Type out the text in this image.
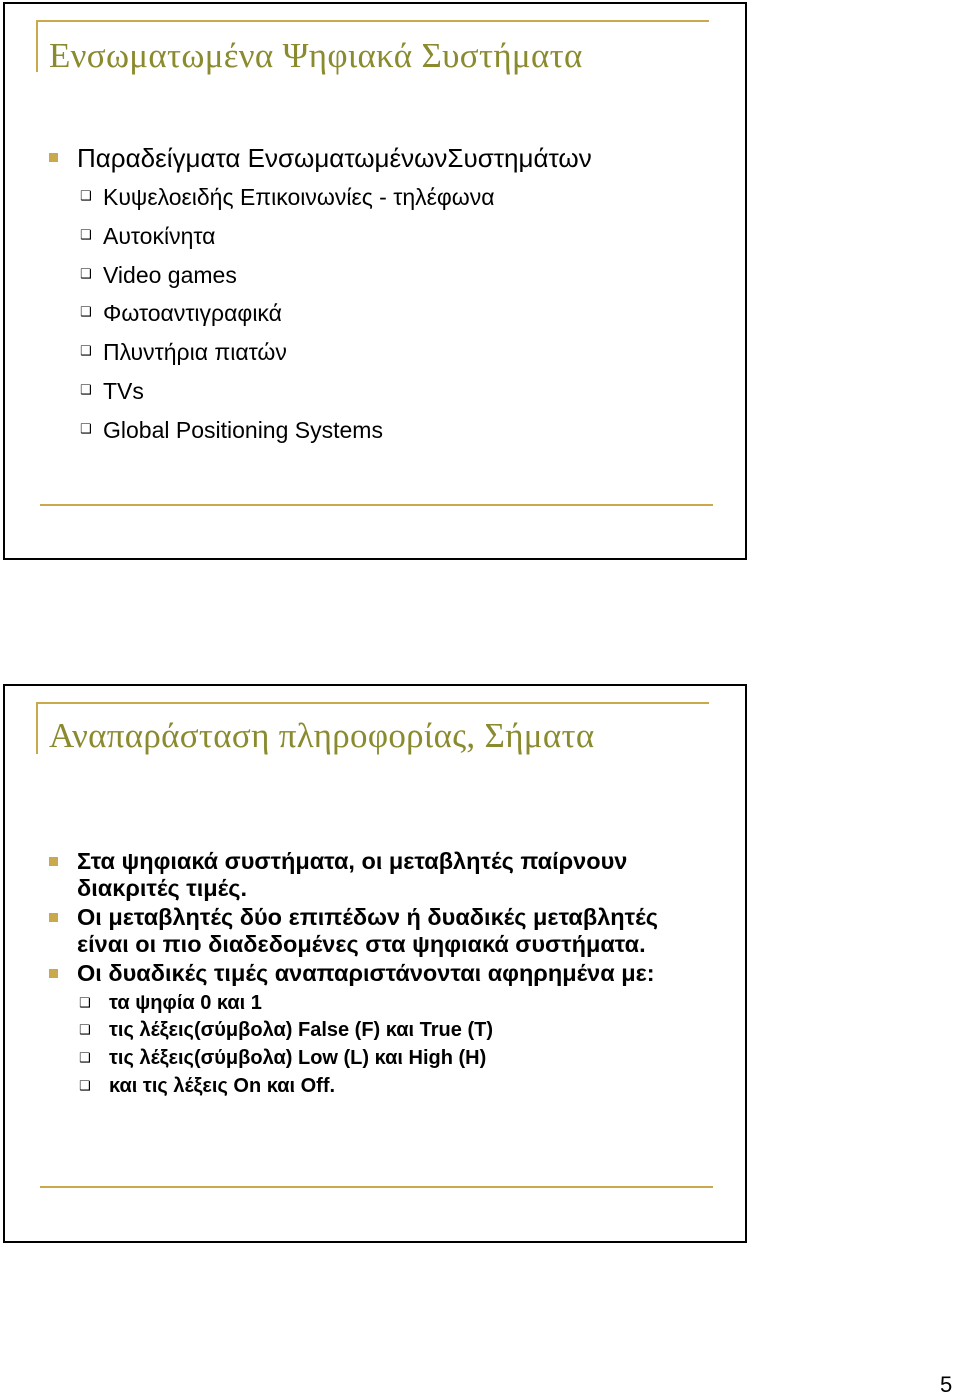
Ενσωματωμένα Ψηφιακά Συστήματα
Παραδείγματα ΕνσωματωμένωνΣυστημάτων
❑ Κυψελοειδής Επικοινωνίες - τηλέφωνα
❑ Αυτοκίνητα
❑ Video games
❑ Φωτοαντιγραφικά
❑ Πλυντήρια πιατών
❑ TVs
❑ Global Positioning Systems
Αναπαράσταση πληροφορίας, Σήματα
Στα ψηφιακά συστήματα, οι μεταβλητές παίρνουν διακριτές τιμές.
Οι μεταβλητές δύο επιπέδων ή δυαδικές μεταβλητές είναι οι πιο διαδεδομένες στα ψηφιακά συστήματα.
Οι δυαδικές τιμές αναπαριστάνονται αφηρημένα με:
❑ τα ψηφία 0 και 1
❑ τις λέξεις(σύμβολα) False (F) και True (T)
❑ τις λέξεις(σύμβολα) Low (L) και High (H)
❑ και τις λέξεις On και Off.
5
